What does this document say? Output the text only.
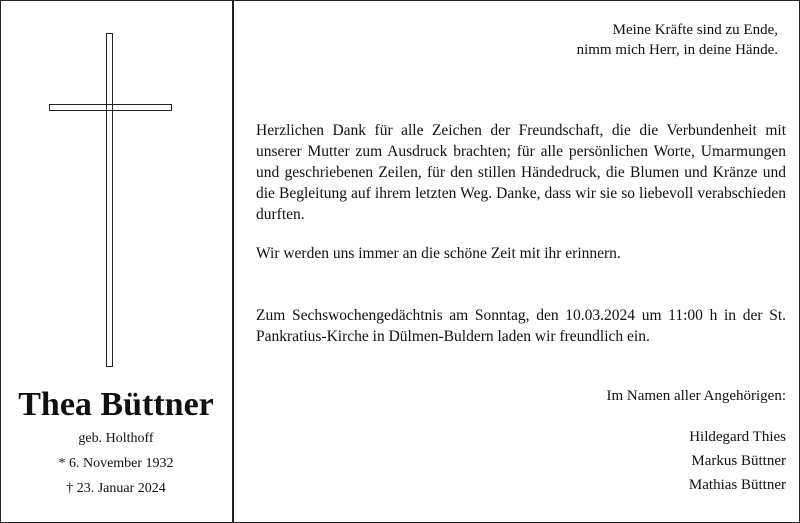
Thea Büttner
geb. Holthoff
* 6. November 1932
† 23. Januar 2024
Meine Kräfte sind zu Ende,
nimm mich Herr, in deine Hände.
Herzlichen Dank für alle Zeichen der Freundschaft, die die Verbundenheit mit unserer Mutter zum Ausdruck brachten; für alle persönlichen Worte, Umarmungen und geschriebenen Zeilen, für den stillen Händedruck, die Blumen und Kränze und die Begleitung auf ihrem letzten Weg. Danke, dass wir sie so liebevoll verabschieden durften.
Wir werden uns immer an die schöne Zeit mit ihr erinnern.
Zum Sechswochengedächtnis am Sonntag, den 10.03.2024 um 11:00 h in der St. Pankratius-Kirche in Dülmen-Buldern laden wir freundlich ein.
Im Namen aller Angehörigen:
Hildegard Thies
Markus Büttner
Mathias Büttner
